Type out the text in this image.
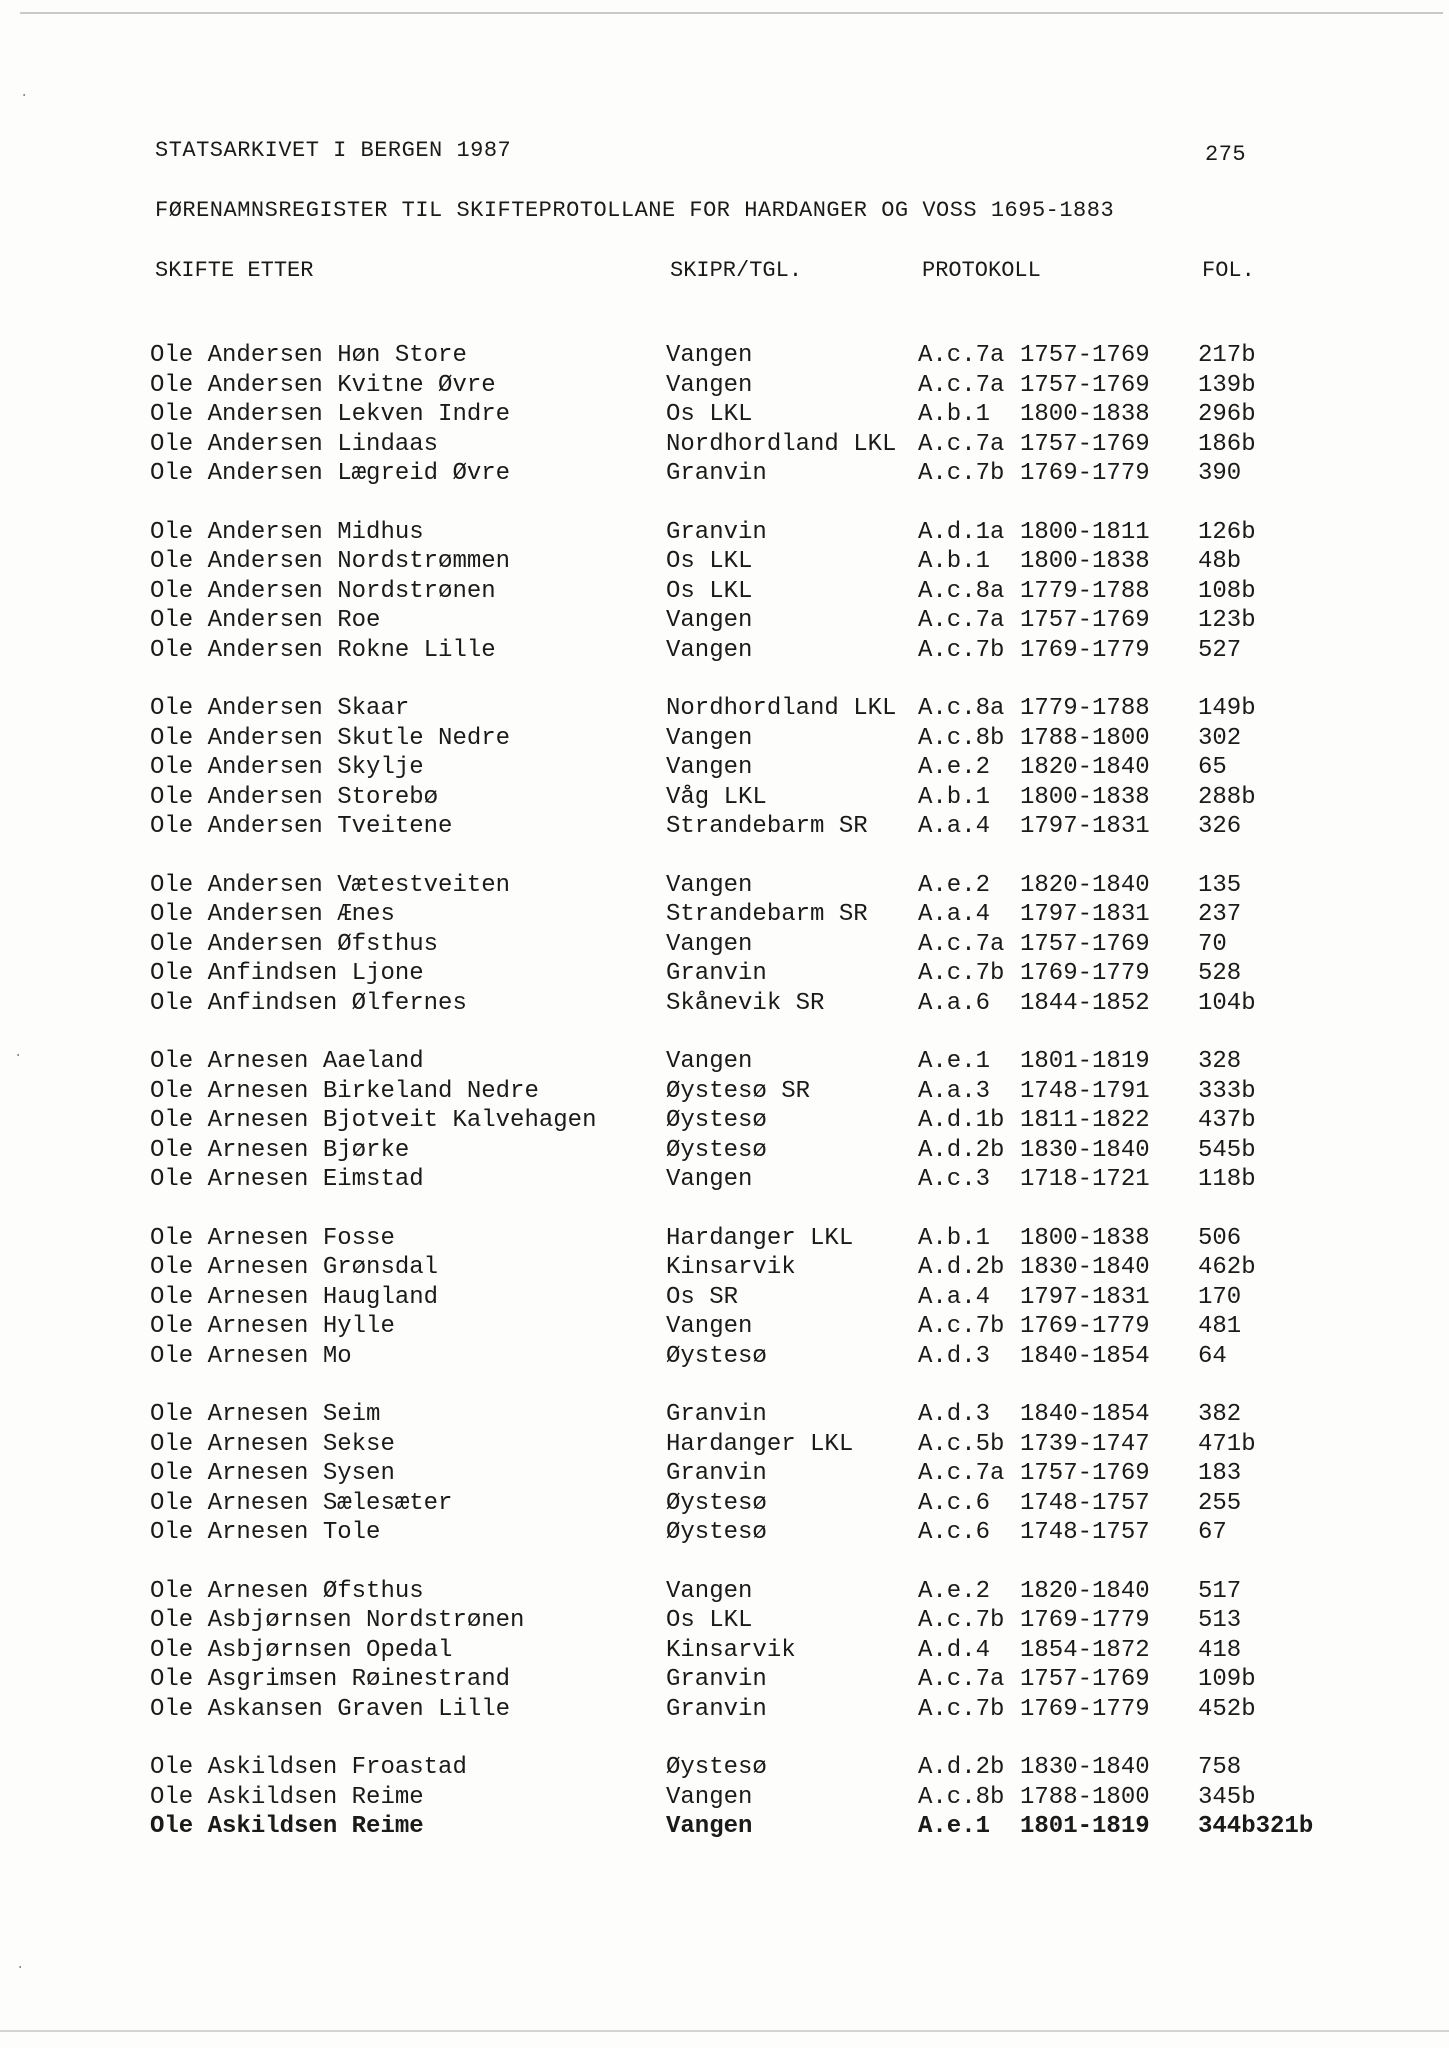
STATSARKIVET I BERGEN 1987	275
FØRENAMNSREGISTER TIL SKIFTEPROTOLLANE FOR HARDANGER OG VOSS 1695-1883
SKIFTE ETTER	SKIPR/TGL.	PROTOKOLL	FOL.
Ole Andersen Høn Store	Vangen	A.c.7a 1757-1769 217b
Ole Andersen Kvitne Øvre	Vangen	A.c.7a 1757-1769 139b
Ole Andersen Lekven Indre	Os LKL	A.b.1 1800-1838 296b
Ole Andersen Lindaas	Nordhordland LKL A.c.7a 1757-1769 186b
Ole Andersen Lægreid Øvre	Granvin	A.c.7b 1769-1779 390
Ole Andersen Midhus	Granvin	A.d.1a 1800-1811 126b
Ole Andersen Nordstrømmen	Os LKL	A.b.1 1800-1838 48b
Ole Andersen Nordstrønen	Os LKL	A.c.8a 1779-1788 108b
Ole Andersen Roe	Vangen	A.c.7a 1757-1769 123b
Ole Andersen Rokne Lille	Vangen	A.c.7b 1769-1779 527
Ole Andersen Skaar	Nordhordland LKL A.c.8a 1779-1788 149b
Ole Andersen Skutle Nedre	Vangen	A.c.8b 1788-1800 302
Ole Andersen Skylje	Vangen	A.e.2 1820-1840 65
Ole Andersen Storebø	Våg LKL	A.b.1 1800-1838 288b
Ole Andersen Tveitene	Strandebarm SR A.a.4 1797-1831 326
Ole Andersen Vætestveiten	Vangen	A.e.2 1820-1840 135
Ole Andersen Ænes	Strandebarm SR A.a.4 1797-1831 237
Ole Andersen Øfsthus	Vangen	A.c.7a 1757-1769 70
Ole Anfindsen Ljone	Granvin	A.c.7b 1769-1779 528
Ole Anfindsen Ølfernes	Skånevik SR	A.a.6 1844-1852 104b
Ole Arnesen Aaeland	Vangen	A.e.1 1801-1819 328
Ole Arnesen Birkeland Nedre	Øystesø SR	A.a.3 1748-1791 333b
Ole Arnesen Bjotveit Kalvehagen	Øystesø	A.d.1b 1811-1822 437b
Ole Arnesen Bjørke	Øystesø	A.d.2b 1830-1840 545b
Ole Arnesen Eimstad	Vangen	A.c.3 1718-1721 118b
Ole Arnesen Fosse	Hardanger LKL	A.b.1 1800-1838 506
Ole Arnesen Grønsdal	Kinsarvik	A.d.2b 1830-1840 462b
Ole Arnesen Haugland	Os SR	A.a.4 1797-1831 170
Ole Arnesen Hylle	Vangen	A.c.7b 1769-1779 481
Ole Arnesen Mo	Øystesø	A.d.3 1840-1854 64
Ole Arnesen Seim	Granvin	A.d.3 1840-1854 382
Ole Arnesen Sekse	Hardanger LKL	A.c.5b 1739-1747 471b
Ole Arnesen Sysen	Granvin	A.c.7a 1757-1769 183
Ole Arnesen Sælesæter	Øystesø	A.c.6 1748-1757 255
Ole Arnesen Tole	Øystesø	A.c.6 1748-1757 67
Ole Arnesen Øfsthus	Vangen	A.e.2 1820-1840 517
Ole Asbjørnsen Nordstrønen	Os LKL	A.c.7b 1769-1779 513
Ole Asbjørnsen Opedal	Kinsarvik	A.d.4 1854-1872 418
Ole Asgrimsen Røinestrand	Granvin	A.c.7a 1757-1769 109b
Ole Askansen Graven Lille	Granvin	A.c.7b 1769-1779 452b
Ole Askildsen Froastad	Øystesø	A.d.2b 1830-1840 758
Ole Askildsen Reime	Vangen	A.c.8b 1788-1800 345b
Ole Askildsen Reime	Vangen	A.e.1 1801-1819 344b321b
·
·
·
